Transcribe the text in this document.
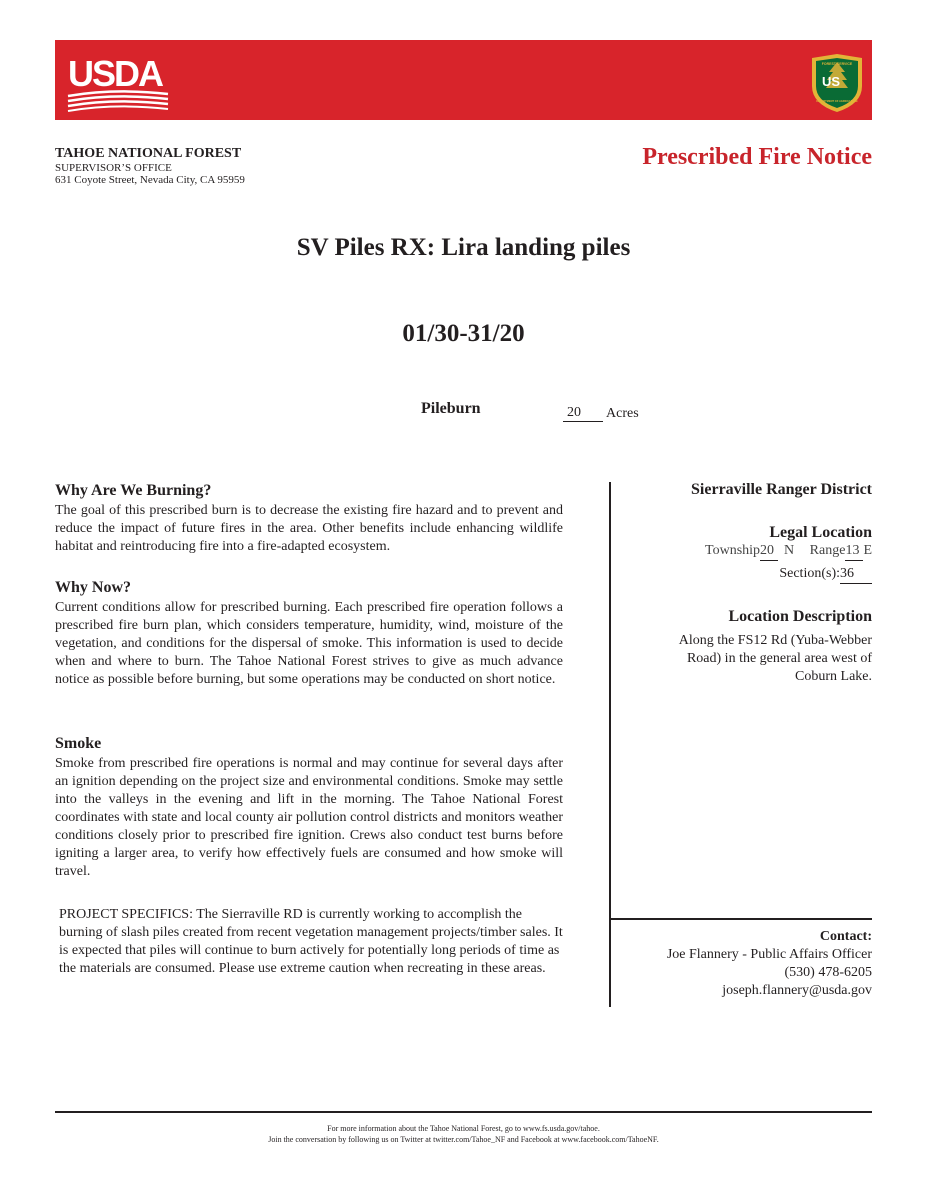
USDA	US
FOREST SERVICE
DEPARTMENT OF AGRICULTURE
TAHOE NATIONAL FOREST
SUPERVISOR’S OFFICE
631 Coyote Street, Nevada City, CA 95959
Prescribed Fire Notice
SV Piles RX: Lira landing piles
01/30-31/20
Pileburn	20	Acres
Why Are We Burning?

The goal of this prescribed burn is to decrease the existing fire hazard and to prevent and reduce the impact of future fires in the area. Other benefits include enhancing wildlife habitat and reintroducing fire into a fire-adapted ecosystem.

Why Now?

Current conditions allow for prescribed burning. Each prescribed fire operation follows a prescribed fire burn plan, which considers temperature, humidity, wind, moisture of the vegetation, and conditions for the dispersal of smoke. This information is used to decide when and where to burn. The Tahoe National Forest strives to give as much advance notice as possible before burning, but some operations may be conducted on short notice.

Smoke

Smoke from prescribed fire operations is normal and may continue for several days after an ignition depending on the project size and environmental conditions. Smoke may settle into the valleys in the evening and lift in the morning. The Tahoe National Forest coordinates with state and local county air pollution control districts and monitors weather conditions closely prior to prescribed fire ignition. Crews also conduct test burns before igniting a larger area, to verify how effectively fuels are consumed and how smoke will travel.

PROJECT SPECIFICS: The Sierraville RD is currently working to accomplish the burning of slash piles created from recent vegetation management projects/timber sales. It is expected that piles will continue to burn actively for potentially long periods of time as the materials are consumed. Please use extreme caution when recreating in these areas.
Sierraville Ranger District
Legal Location
Township20 N Range13 E
Section(s):36
Location Description
Along the FS12 Rd (Yuba-Webber Road) in the general area west of Coburn Lake.
Contact:
Joe Flannery - Public Affairs Officer
(530) 478-6205
joseph.flannery@usda.gov
For more information about the Tahoe National Forest, go to www.fs.usda.gov/tahoe.
Join the conversation by following us on Twitter at twitter.com/Tahoe_NF and Facebook at www.facebook.com/TahoeNF.
